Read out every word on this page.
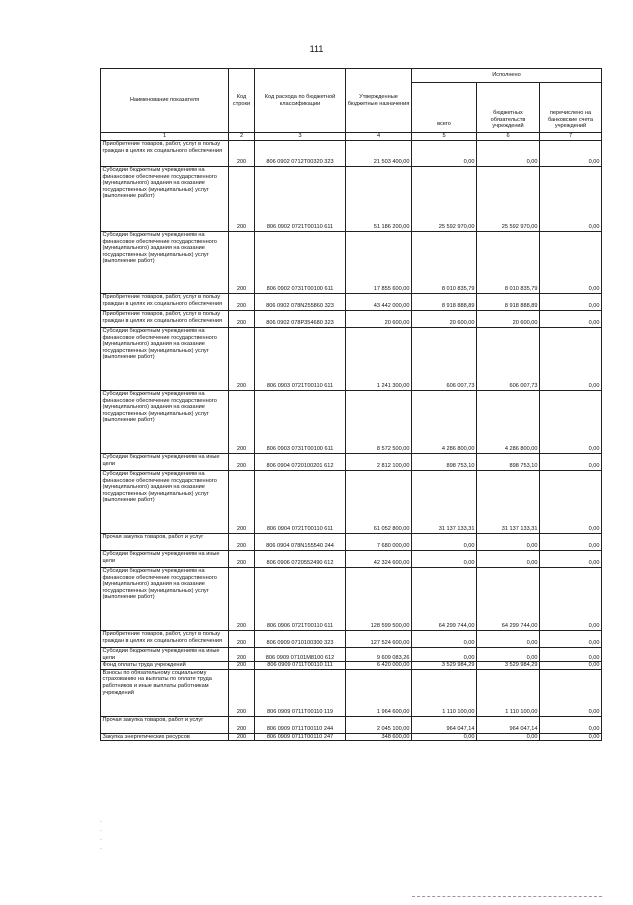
111
Наименование показателя	Код строки	Код расхода по бюджетной классификации	Утвержденные бюджетные назначения	Исполнено		
				всего	бюджетных обязательств учреждений	перечислено на банковские счета учреждений
1	2	3	4	5	6	7
Приобретение товаров, работ, услуг в пользу граждан в целях их социального обеспечения	200	806 0902 0712T00320 323	21 503 400,00	0,00	0,00	0,00
Субсидии бюджетным учреждениям на финансовое обеспечение государственного (муниципального) задания на оказание государственных (муниципальных) услуг (выполнение работ)	200	806 0902 0721T00110 611	51 186 200,00	25 592 970,00	25 592 970,00	0,00
Субсидии бюджетным учреждениям на финансовое обеспечение государственного (муниципального) задания на оказание государственных (муниципальных) услуг (выполнение работ)	200	806 0902 0731T00100 611	17 855 600,00	8 010 835,79	8 010 835,79	0,00
Приобретение товаров, работ, услуг в пользу граждан в целях их социального обеспечения	200	806 0902 078N255860 323	43 442 000,00	8 918 888,89	8 918 888,89	0,00
Приобретение товаров, работ, услуг в пользу граждан в целях их социального обеспечения	200	806 0902 078P354680 323	20 600,00	20 600,00	20 600,00	0,00
Субсидии бюджетным учреждениям на финансовое обеспечение государственного (муниципального) задания на оказание государственных (муниципальных) услуг (выполнение работ)	200	806 0903 0721T00110 611	1 241 300,00	606 007,73	606 007,73	0,00
Субсидии бюджетным учреждениям на финансовое обеспечение государственного (муниципального) задания на оказание государственных (муниципальных) услуг (выполнение работ)	200	806 0903 0731T00100 611	8 572 500,00	4 286 800,00	4 286 800,00	0,00
Субсидии бюджетным учреждениям на иные цели	200	806 0904 0720100201 612	2 812 100,00	898 753,10	898 753,10	0,00
Субсидии бюджетным учреждениям на финансовое обеспечение государственного (муниципального) задания на оказание государственных (муниципальных) услуг (выполнение работ)	200	806 0904 0721T00110 611	61 052 800,00	31 137 133,31	31 137 133,31	0,00
Прочая закупка товаров, работ и услуг	200	806 0904 078N155540 244	7 680 000,00	0,00	0,00	0,00
Субсидии бюджетным учреждениям на иные цели	200	806 0906 0720552490 612	42 324 600,00	0,00	0,00	0,00
Субсидии бюджетным учреждениям на финансовое обеспечение государственного (муниципального) задания на оказание государственных (муниципальных) услуг (выполнение работ)	200	806 0906 0721T00110 611	128 599 500,00	64 299 744,00	64 299 744,00	0,00
Приобретение товаров, работ, услуг в пользу граждан в целях их социального обеспечения	200	806 0909 0710100300 323	127 524 600,00	0,00	0,00	0,00
Субсидии бюджетным учреждениям на иные цели	200	806 0909 07101M8100 612	9 609 083,26	0,00	0,00	0,00
Фонд оплаты труда учреждений	200	806 0909 0711T00110 111	6 420 000,00	3 529 984,29	3 529 984,29	0,00
Взносы по обязательному социальному страхованию на выплаты по оплате труда работников и иные выплаты работникам учреждений	200	806 0909 0711T00110 119	1 964 600,00	1 110 100,00	1 110 100,00	0,00
Прочая закупка товаров, работ и услуг	200	806 0909 0711T00110 244	2 045 100,00	964 047,14	964 047,14	0,00
Закупка энергетических ресурсов	200	806 0909 0711T00110 247	348 600,00	0,00	0,00	0,00
.
.
.
.
